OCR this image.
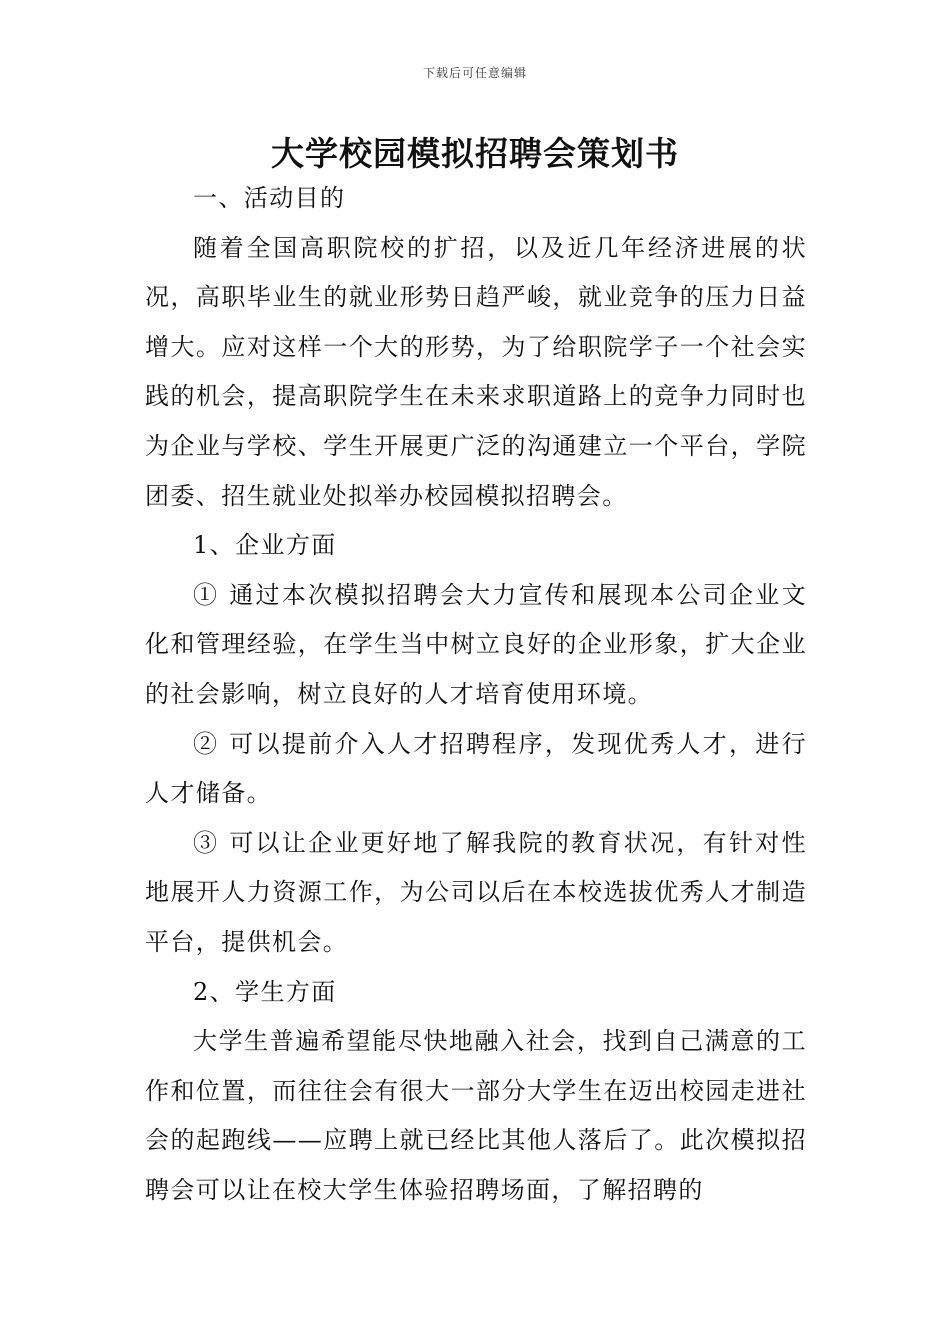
下载后可任意编辑
大学校园模拟招聘会策划书

一、活动目的

随着全国高职院校的扩招，以及近几年经济进展的状况，高职毕业生的就业形势日趋严峻，就业竞争的压力日益增大。应对这样一个大的形势，为了给职院学子一个社会实践的机会，提高职院学生在未来求职道路上的竞争力同时也为企业与学校、学生开展更广泛的沟通建立一个平台，学院团委、招生就业处拟举办校园模拟招聘会。

1、企业方面

① 通过本次模拟招聘会大力宣传和展现本公司企业文化和管理经验，在学生当中树立良好的企业形象，扩大企业的社会影响，树立良好的人才培育使用环境。

② 可以提前介入人才招聘程序，发现优秀人才，进行人才储备。

③ 可以让企业更好地了解我院的教育状况，有针对性地展开人力资源工作，为公司以后在本校选拔优秀人才制造平台，提供机会。

2、学生方面

大学生普遍希望能尽快地融入社会，找到自己满意的工作和位置，而往往会有很大一部分大学生在迈出校园走进社会的起跑线——应聘上就已经比其他人落后了。此次模拟招聘会可以让在校大学生体验招聘场面，了解招聘的
